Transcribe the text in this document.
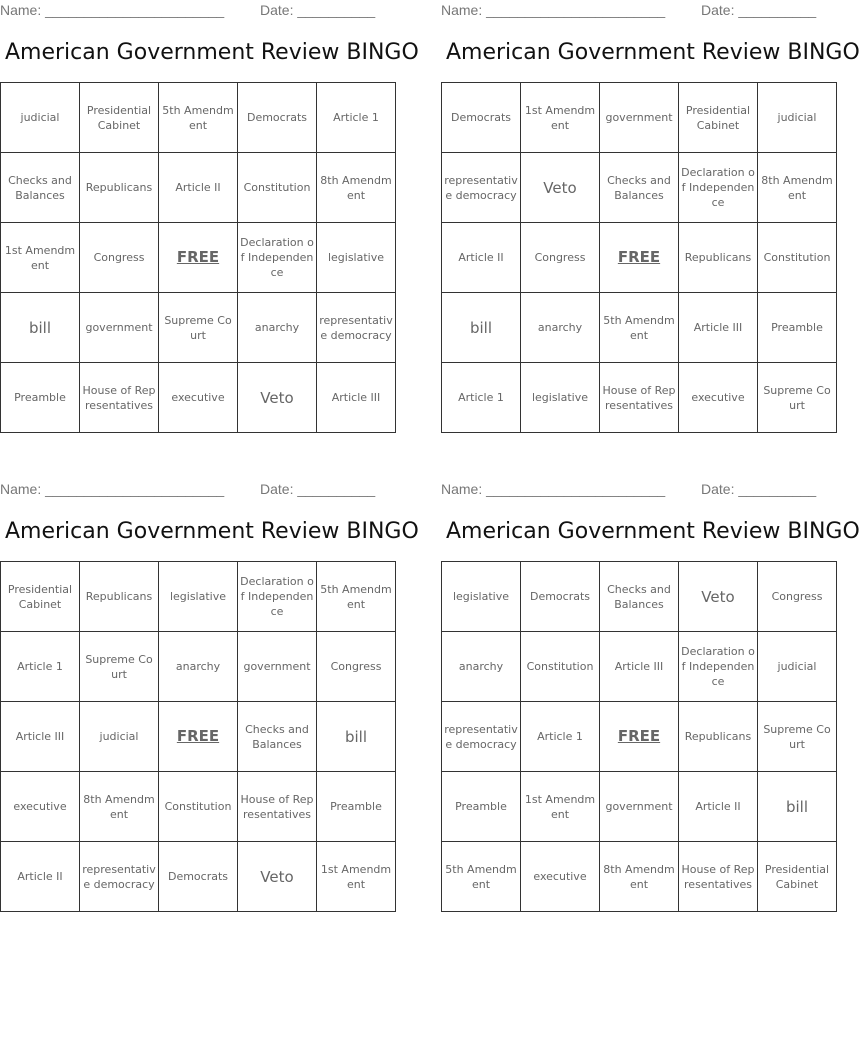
Name: _______________________	Date: __________
American Government Review BINGO
judicial	Presidential Cabinet	5th Amendment	Democrats	Article 1
Checks and Balances	Republicans	Article II	Constitution	8th Amendment
1st Amendment	Congress	FREE	Declaration of Independence	legislative
bill	government	Supreme Court	anarchy	representative democracy
Preamble	House of Representatives	executive	Veto	Article III
Name: _______________________	Date: __________
American Government Review BINGO
Democrats	1st Amendment	government	Presidential Cabinet	judicial
representative democracy	Veto	Checks and Balances	Declaration of Independence	8th Amendment
Article II	Congress	FREE	Republicans	Constitution
bill	anarchy	5th Amendment	Article III	Preamble
Article 1	legislative	House of Representatives	executive	Supreme Court
Name: _______________________	Date: __________
American Government Review BINGO
Presidential Cabinet	Republicans	legislative	Declaration of Independence	5th Amendment
Article 1	Supreme Court	anarchy	government	Congress
Article III	judicial	FREE	Checks and Balances	bill
executive	8th Amendment	Constitution	House of Representatives	Preamble
Article II	representative democracy	Democrats	Veto	1st Amendment
Name: _______________________	Date: __________
American Government Review BINGO
legislative	Democrats	Checks and Balances	Veto	Congress
anarchy	Constitution	Article III	Declaration of Independence	judicial
representative democracy	Article 1	FREE	Republicans	Supreme Court
Preamble	1st Amendment	government	Article II	bill
5th Amendment	executive	8th Amendment	House of Representatives	Presidential Cabinet
